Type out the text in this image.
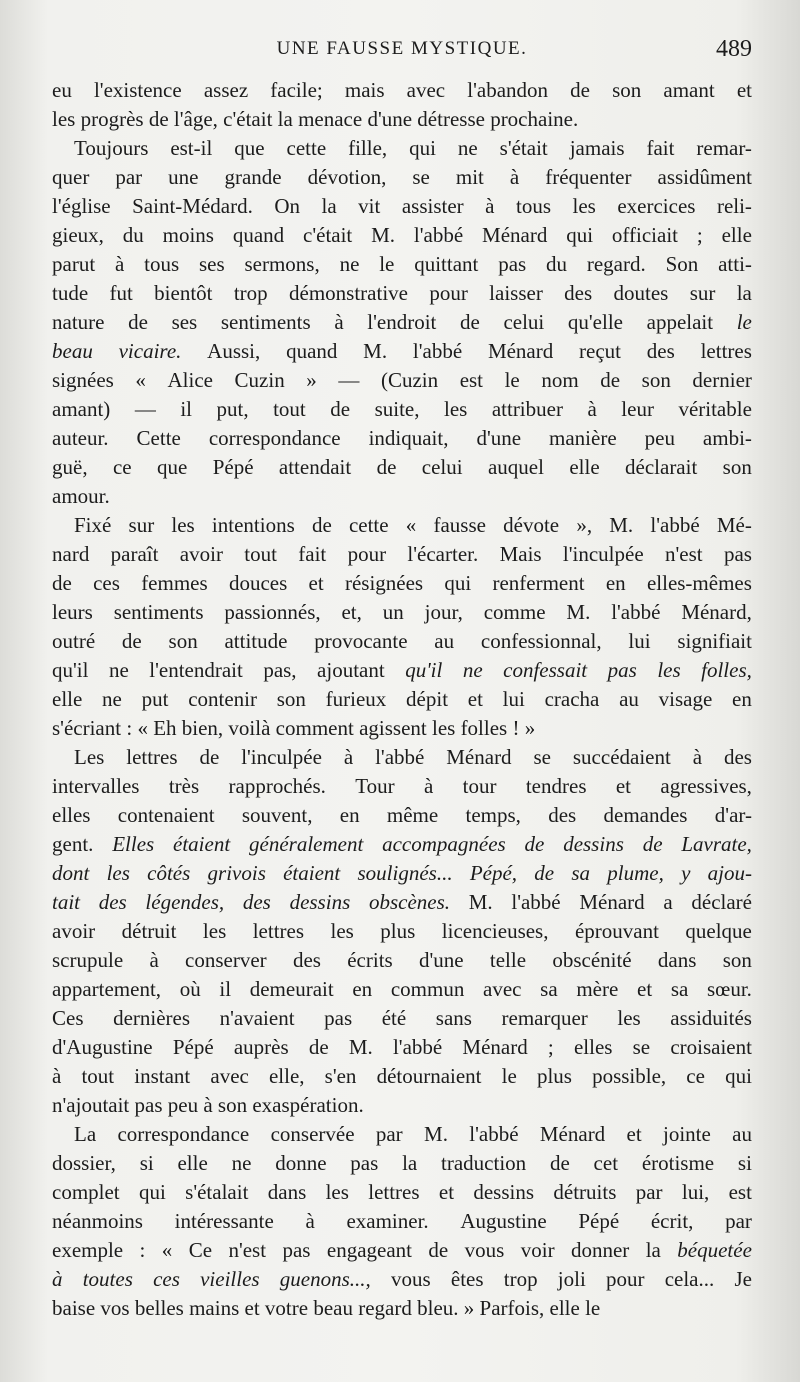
UNE FAUSSE MYSTIQUE.	489
eu l'existence assez facile; mais avec l'abandon de son amant et
les
progrès
de
l'âge,
c'était
la
menace
d'une
détresse
prochaine.
Toujours est-il que cette fille, qui ne s'était jamais fait remar-
quer par une grande dévotion, se mit à fréquenter assidûment
l'église Saint-Médard. On la vit assister à tous les exercices reli-
gieux, du moins quand c'était M. l'abbé Ménard qui officiait ; elle
parut à tous ses sermons, ne le quittant pas du regard. Son atti-
tude fut bientôt trop démonstrative pour laisser des doutes sur la
nature de ses sentiments à l'endroit de celui qu'elle appelait le
beau vicaire. Aussi, quand M. l'abbé Ménard reçut des lettres
signées « Alice Cuzin » — (Cuzin est le nom de son dernier
amant) — il put, tout de suite, les attribuer à leur véritable
auteur. Cette correspondance indiquait, d'une manière peu ambi-
guë, ce que Pépé attendait de celui auquel elle déclarait son
amour.
Fixé sur les intentions de cette « fausse dévote », M. l'abbé Mé-
nard paraît avoir tout fait pour l'écarter. Mais l'inculpée n'est pas
de ces femmes douces et résignées qui renferment en elles-mêmes
leurs sentiments passionnés, et, un jour, comme M. l'abbé Ménard,
outré de son attitude provocante au confessionnal, lui signifiait
qu'il ne l'entendrait pas, ajoutant qu'il ne confessait pas les folles,
elle ne put contenir son furieux dépit et lui cracha au visage en
s'écriant
:
«
Eh
bien,
voilà
comment
agissent
les
folles
!
»
Les lettres de l'inculpée à l'abbé Ménard se succédaient à des
intervalles très rapprochés. Tour à tour tendres et agressives,
elles contenaient souvent, en même temps, des demandes d'ar-
gent. Elles étaient généralement accompagnées de dessins de Lavrate,
dont les côtés grivois étaient soulignés... Pépé, de sa plume, y ajou-
tait des légendes, des dessins obscènes. M. l'abbé Ménard a déclaré
avoir détruit les lettres les plus licencieuses, éprouvant quelque
scrupule à conserver des écrits d'une telle obscénité dans son
appartement, où il demeurait en commun avec sa mère et sa sœur.
Ces dernières n'avaient pas été sans remarquer les assiduités
d'Augustine Pépé auprès de M. l'abbé Ménard ; elles se croisaient
à tout instant avec elle, s'en détournaient le plus possible, ce qui
n'ajoutait
pas
peu
à
son
exaspération.
La correspondance conservée par M. l'abbé Ménard et jointe au
dossier, si elle ne donne pas la traduction de cet érotisme si
complet qui s'étalait dans les lettres et dessins détruits par lui, est
néanmoins intéressante à examiner. Augustine Pépé écrit, par
exemple : « Ce n'est pas engageant de vous voir donner la béquetée
à toutes ces vieilles guenons..., vous êtes trop joli pour cela... Je
baise
vos
belles
mains
et
votre
beau
regard
bleu.
»
Parfois,
elle
le
